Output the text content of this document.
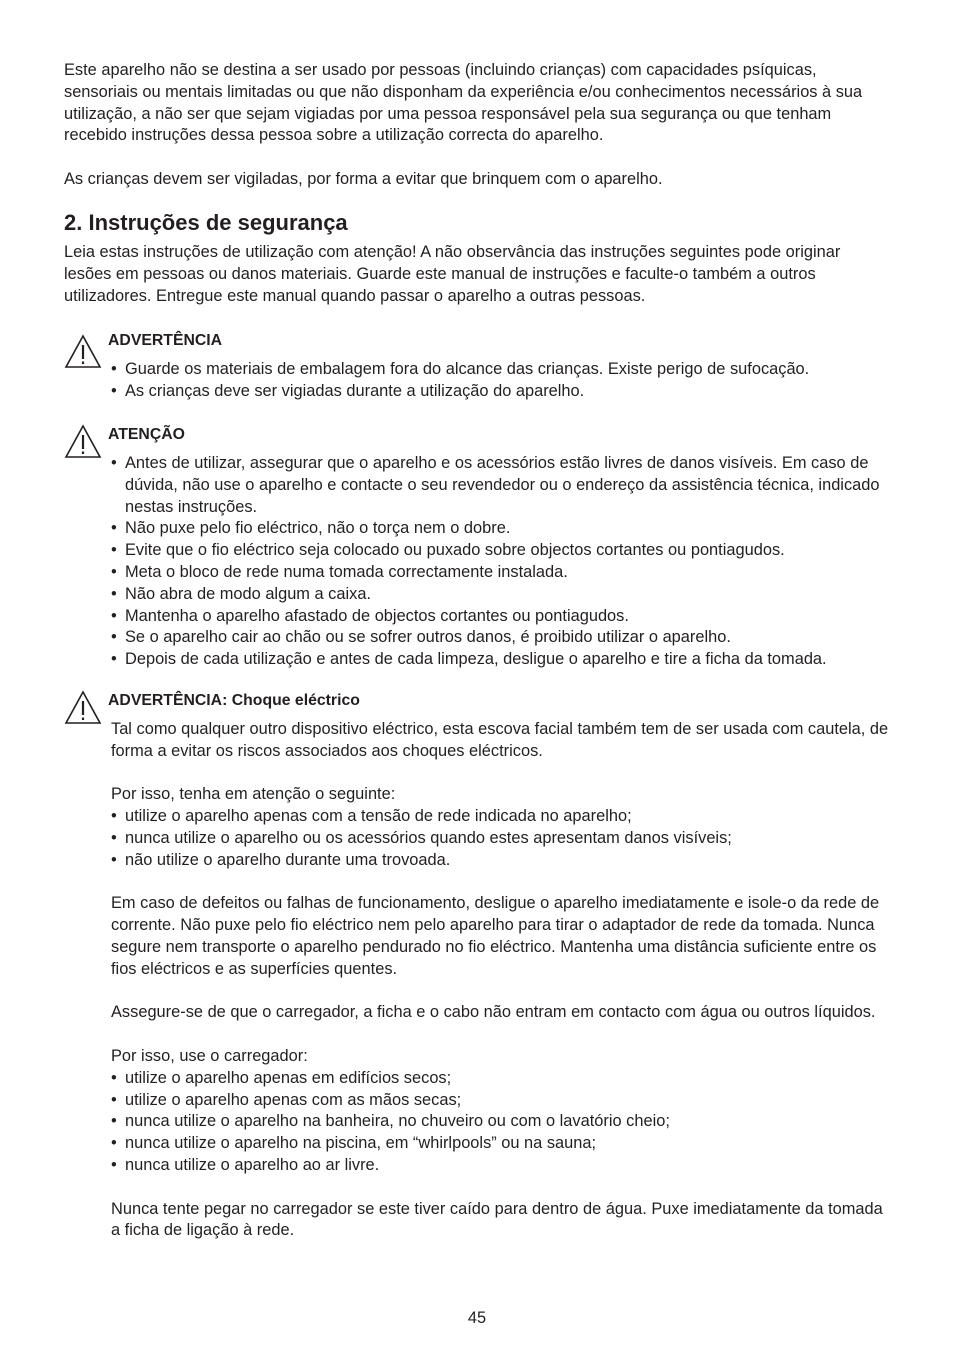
Este aparelho não se destina a ser usado por pessoas (incluindo crianças) com capacidades psíquicas, sensoriais ou mentais limitadas ou que não disponham da experiência e/ou conhecimentos necessários à sua utilização, a não ser que sejam vigiadas por uma pessoa responsável pela sua segurança ou que tenham recebido instruções dessa pessoa sobre a utilização correcta do aparelho.

As crianças devem ser vigiladas, por forma a evitar que brinquem com o aparelho.

2. Instruções de segurança

Leia estas instruções de utilização com atenção! A não observância das instruções seguintes pode originar lesões em pessoas ou danos materiais. Guarde este manual de instruções e faculte-o também a outros utilizadores. Entregue este manual quando passar o aparelho a outras pessoas.

ADVERTÊNCIA
• Guarde os materiais de embalagem fora do alcance das crianças. Existe perigo de sufocação.
• As crianças deve ser vigiadas durante a utilização do aparelho.
ATENÇÃO
• Antes de utilizar, assegurar que o aparelho e os acessórios estão livres de danos visíveis. Em caso de dúvida, não use o aparelho e contacte o seu revendedor ou o endereço da assistência técnica, indicado nestas instruções.
• Não puxe pelo fio eléctrico, não o torça nem o dobre.
• Evite que o fio eléctrico seja colocado ou puxado sobre objectos cortantes ou pontiagudos.
• Meta o bloco de rede numa tomada correctamente instalada.
• Não abra de modo algum a caixa.
• Mantenha o aparelho afastado de objectos cortantes ou pontiagudos.
• Se o aparelho cair ao chão ou se sofrer outros danos, é proibido utilizar o aparelho.
• Depois de cada utilização e antes de cada limpeza, desligue o aparelho e tire a ficha da tomada.
ADVERTÊNCIA: Choque eléctrico

Tal como qualquer outro dispositivo eléctrico, esta escova facial também tem de ser usada com cautela, de forma a evitar os riscos associados aos choques eléctricos.

Por isso, tenha em atenção o seguinte:

• utilize o aparelho apenas com a tensão de rede indicada no aparelho;
• nunca utilize o aparelho ou os acessórios quando estes apresentam danos visíveis;
• não utilize o aparelho durante uma trovoada.

Em caso de defeitos ou falhas de funcionamento, desligue o aparelho imediatamente e isole-o da rede de corrente. Não puxe pelo fio eléctrico nem pelo aparelho para tirar o adaptador de rede da tomada. Nunca segure nem transporte o aparelho pendurado no fio eléctrico. Mantenha uma distância suficiente entre os fios eléctricos e as superfícies quentes.

Assegure-se de que o carregador, a ficha e o cabo não entram em contacto com água ou outros líquidos.

Por isso, use o carregador:

• utilize o aparelho apenas em edifícios secos;
• utilize o aparelho apenas com as mãos secas;
• nunca utilize o aparelho na banheira, no chuveiro ou com o lavatório cheio;
• nunca utilize o aparelho na piscina, em “whirlpools” ou na sauna;
• nunca utilize o aparelho ao ar livre.

Nunca tente pegar no carregador se este tiver caído para dentro de água. Puxe imediatamente da tomada a ficha de ligação à rede.

45
